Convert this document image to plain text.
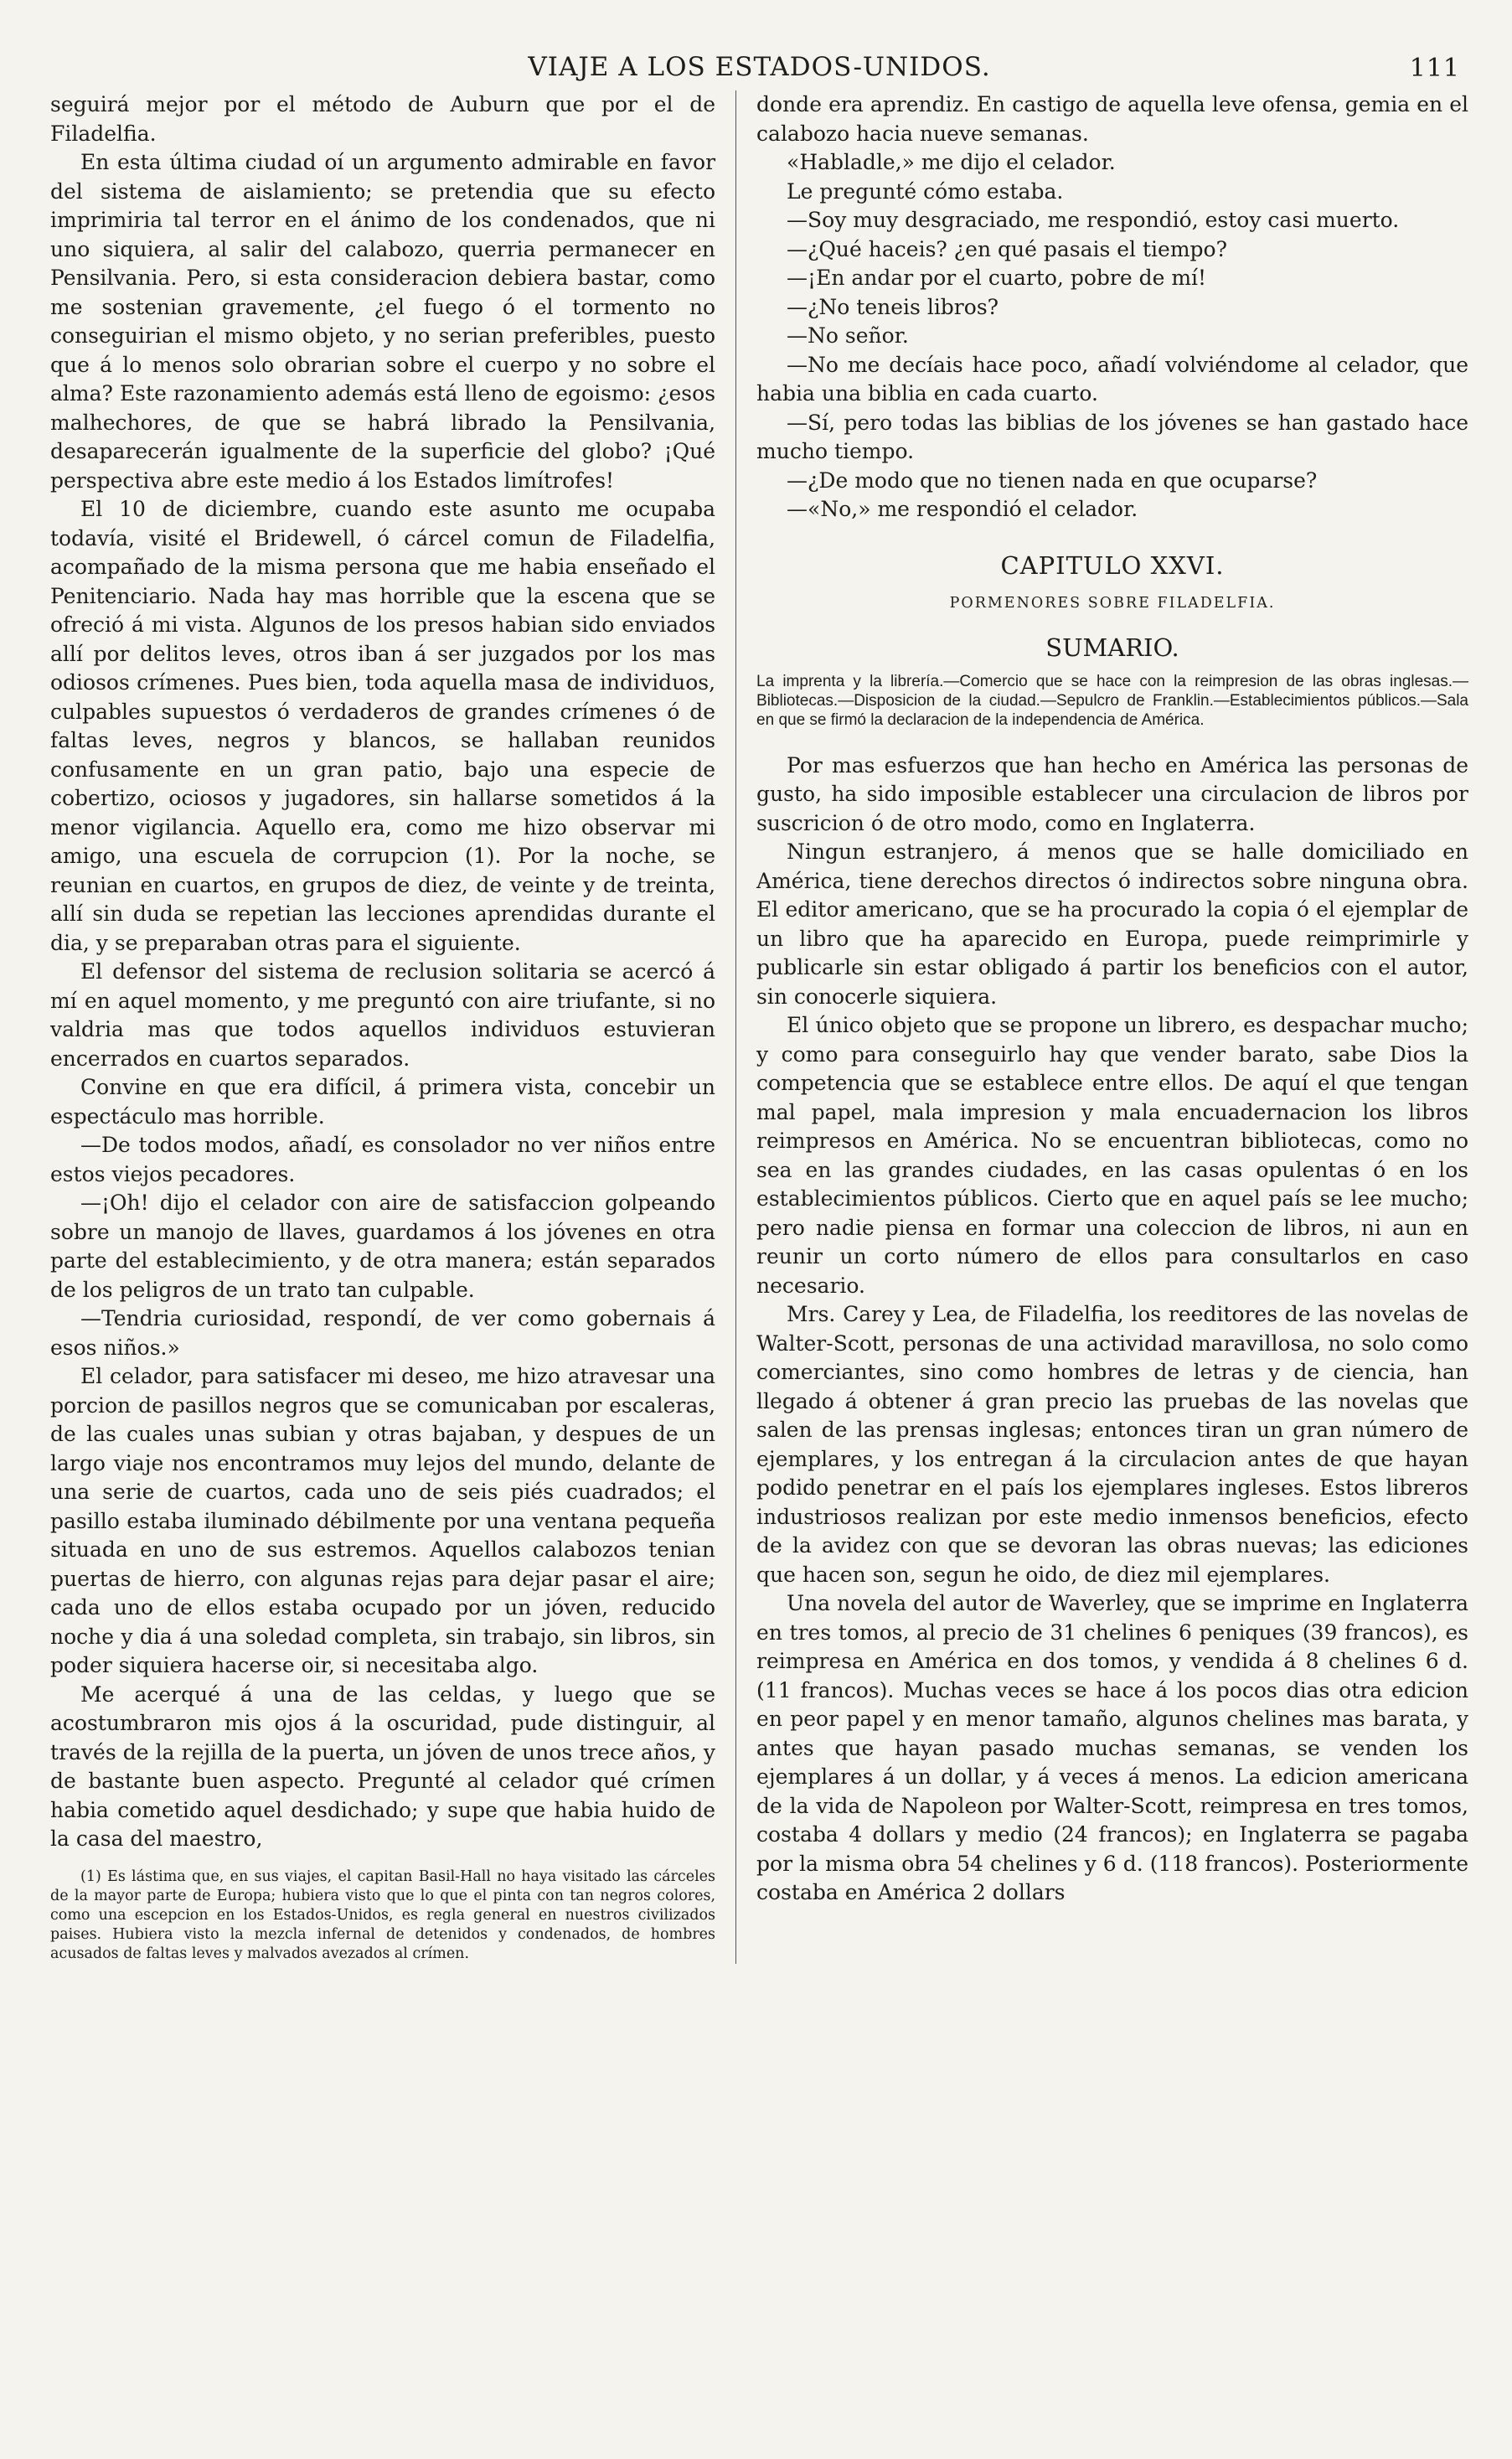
VIAJE A LOS ESTADOS-UNIDOS.	111

seguirá mejor por el método de Auburn que por el de Filadelfia.

En esta última ciudad oí un argumento admirable en favor del sistema de aislamiento; se pretendia que su efecto imprimiria tal terror en el ánimo de los condenados, que ni uno siquiera, al salir del calabozo, querria permanecer en Pensilvania. Pero, si esta consideracion debiera bastar, como me sostenian gravemente, ¿el fuego ó el tormento no conseguirian el mismo objeto, y no serian preferibles, puesto que á lo menos solo obrarian sobre el cuerpo y no sobre el alma? Este razonamiento además está lleno de egoismo: ¿esos malhechores, de que se habrá librado la Pensilvania, desaparecerán igualmente de la superficie del globo? ¡Qué perspectiva abre este medio á los Estados limítrofes!

El 10 de diciembre, cuando este asunto me ocupaba todavía, visité el Bridewell, ó cárcel comun de Filadelfia, acompañado de la misma persona que me habia enseñado el Penitenciario. Nada hay mas horrible que la escena que se ofreció á mi vista. Algunos de los presos habian sido enviados allí por delitos leves, otros iban á ser juzgados por los mas odiosos crímenes. Pues bien, toda aquella masa de individuos, culpables supuestos ó verdaderos de grandes crímenes ó de faltas leves, negros y blancos, se hallaban reunidos confusamente en un gran patio, bajo una especie de cobertizo, ociosos y jugadores, sin hallarse sometidos á la menor vigilancia. Aquello era, como me hizo observar mi amigo, una escuela de corrupcion (1). Por la noche, se reunian en cuartos, en grupos de diez, de veinte y de treinta, allí sin duda se repetian las lecciones aprendidas durante el dia, y se preparaban otras para el siguiente.

El defensor del sistema de reclusion solitaria se acercó á mí en aquel momento, y me preguntó con aire triufante, si no valdria mas que todos aquellos individuos estuvieran encerrados en cuartos separados.

Convine en que era difícil, á primera vista, concebir un espectáculo mas horrible.

—De todos modos, añadí, es consolador no ver niños entre estos viejos pecadores.

—¡Oh! dijo el celador con aire de satisfaccion golpeando sobre un manojo de llaves, guardamos á los jóvenes en otra parte del establecimiento, y de otra manera; están separados de los peligros de un trato tan culpable.

—Tendria curiosidad, respondí, de ver como gobernais á esos niños.»

El celador, para satisfacer mi deseo, me hizo atravesar una porcion de pasillos negros que se comunicaban por escaleras, de las cuales unas subian y otras bajaban, y despues de un largo viaje nos encontramos muy lejos del mundo, delante de una serie de cuartos, cada uno de seis piés cuadrados; el pasillo estaba iluminado débilmente por una ventana pequeña situada en uno de sus estremos. Aquellos calabozos tenian puertas de hierro, con algunas rejas para dejar pasar el aire; cada uno de ellos estaba ocupado por un jóven, reducido noche y dia á una soledad completa, sin trabajo, sin libros, sin poder siquiera hacerse oir, si necesitaba algo.

Me acerqué á una de las celdas, y luego que se acostumbraron mis ojos á la oscuridad, pude distinguir, al través de la rejilla de la puerta, un jóven de unos trece años, y de bastante buen aspecto. Pregunté al celador qué crímen habia cometido aquel desdichado; y supe que habia huido de la casa del maestro,

(1) Es lástima que, en sus viajes, el capitan Basil-Hall no haya visitado las cárceles de la mayor parte de Europa; hubiera visto que lo que el pinta con tan negros colores, como una escepcion en los Estados-Unidos, es regla general en nuestros civilizados paises. Hubiera visto la mezcla infernal de detenidos y condenados, de hombres acusados de faltas leves y malvados avezados al crímen.

donde era aprendiz. En castigo de aquella leve ofensa, gemia en el calabozo hacia nueve semanas.

«Habladle,» me dijo el celador.

Le pregunté cómo estaba.

—Soy muy desgraciado, me respondió, estoy casi muerto.

—¿Qué haceis? ¿en qué pasais el tiempo?

—¡En andar por el cuarto, pobre de mí!

—¿No teneis libros?

—No señor.

—No me decíais hace poco, añadí volviéndome al celador, que habia una biblia en cada cuarto.

—Sí, pero todas las biblias de los jóvenes se han gastado hace mucho tiempo.

—¿De modo que no tienen nada en que ocuparse?

—«No,» me respondió el celador.

CAPITULO XXVI.
PORMENORES SOBRE FILADELFIA.
SUMARIO.

La imprenta y la librería.—Comercio que se hace con la reimpresion de las obras inglesas.—Bibliotecas.—Disposicion de la ciudad.—Sepulcro de Franklin.—Establecimientos públicos.—Sala en que se firmó la declaracion de la independencia de América.

Por mas esfuerzos que han hecho en América las personas de gusto, ha sido imposible establecer una circulacion de libros por suscricion ó de otro modo, como en Inglaterra.

Ningun estranjero, á menos que se halle domiciliado en América, tiene derechos directos ó indirectos sobre ninguna obra. El editor americano, que se ha procurado la copia ó el ejemplar de un libro que ha aparecido en Europa, puede reimprimirle y publicarle sin estar obligado á partir los beneficios con el autor, sin conocerle siquiera.

El único objeto que se propone un librero, es despachar mucho; y como para conseguirlo hay que vender barato, sabe Dios la competencia que se establece entre ellos. De aquí el que tengan mal papel, mala impresion y mala encuadernacion los libros reimpresos en América. No se encuentran bibliotecas, como no sea en las grandes ciudades, en las casas opulentas ó en los establecimientos públicos. Cierto que en aquel país se lee mucho; pero nadie piensa en formar una coleccion de libros, ni aun en reunir un corto número de ellos para consultarlos en caso necesario.

Mrs. Carey y Lea, de Filadelfia, los reeditores de las novelas de Walter-Scott, personas de una actividad maravillosa, no solo como comerciantes, sino como hombres de letras y de ciencia, han llegado á obtener á gran precio las pruebas de las novelas que salen de las prensas inglesas; entonces tiran un gran número de ejemplares, y los entregan á la circulacion antes de que hayan podido penetrar en el país los ejemplares ingleses. Estos libreros industriosos realizan por este medio inmensos beneficios, efecto de la avidez con que se devoran las obras nuevas; las ediciones que hacen son, segun he oido, de diez mil ejemplares.

Una novela del autor de Waverley, que se imprime en Inglaterra en tres tomos, al precio de 31 chelines 6 peniques (39 francos), es reimpresa en América en dos tomos, y vendida á 8 chelines 6 d. (11 francos). Muchas veces se hace á los pocos dias otra edicion en peor papel y en menor tamaño, algunos chelines mas barata, y antes que hayan pasado muchas semanas, se venden los ejemplares á un dollar, y á veces á menos. La edicion americana de la vida de Napoleon por Walter-Scott, reimpresa en tres tomos, costaba 4 dollars y medio (24 francos); en Inglaterra se pagaba por la misma obra 54 chelines y 6 d. (118 francos). Posteriormente costaba en América 2 dollars
